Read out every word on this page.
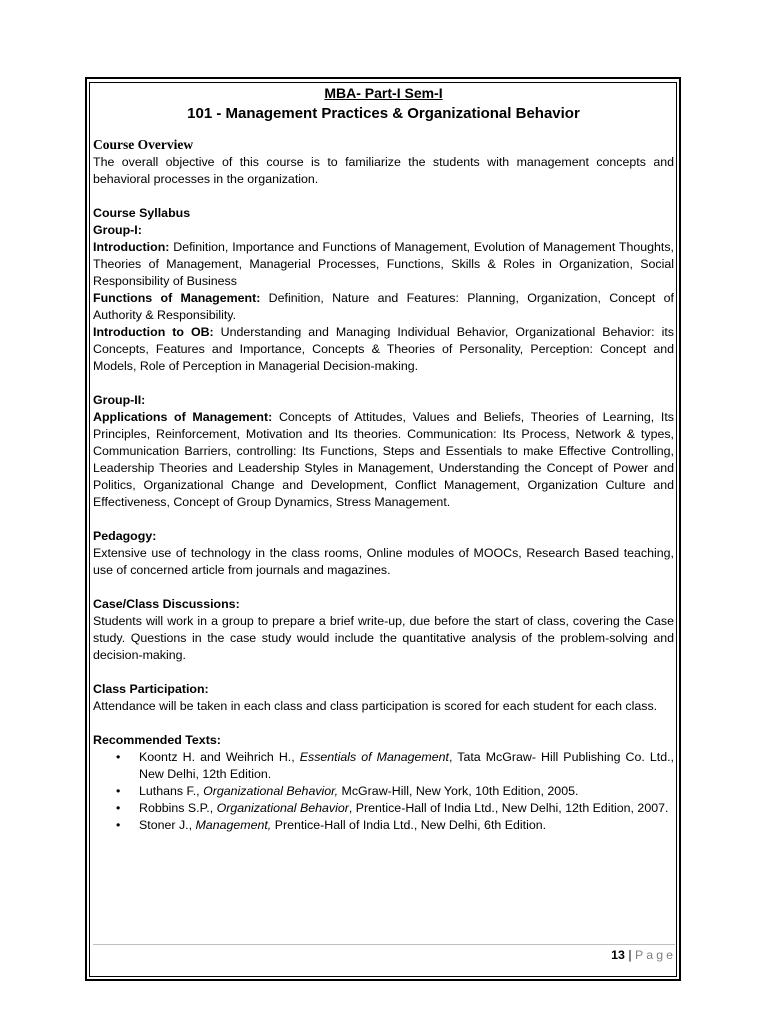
MBA- Part-I Sem-I
101 - Management Practices & Organizational Behavior
Course Overview

The overall objective of this course is to familiarize the students with management concepts and behavioral processes in the organization.

Course Syllabus
Group-I:

Introduction: Definition, Importance and Functions of Management, Evolution of Management Thoughts, Theories of Management, Managerial Processes, Functions, Skills & Roles in Organization, Social Responsibility of Business

Functions of Management: Definition, Nature and Features: Planning, Organization, Concept of Authority & Responsibility.

Introduction to OB: Understanding and Managing Individual Behavior, Organizational Behavior: its Concepts, Features and Importance, Concepts & Theories of Personality, Perception: Concept and Models, Role of Perception in Managerial Decision-making.

Group-II:

Applications of Management: Concepts of Attitudes, Values and Beliefs, Theories of Learning, Its Principles, Reinforcement, Motivation and Its theories. Communication: Its Process, Network & types, Communication Barriers, controlling: Its Functions, Steps and Essentials to make Effective Controlling, Leadership Theories and Leadership Styles in Management, Understanding the Concept of Power and Politics, Organizational Change and Development, Conflict Management, Organization Culture and Effectiveness, Concept of Group Dynamics, Stress Management.

Pedagogy:

Extensive use of technology in the class rooms, Online modules of MOOCs, Research Based teaching, use of concerned article from journals and magazines.

Case/Class Discussions:

Students will work in a group to prepare a brief write-up, due before the start of class, covering the Case study. Questions in the case study would include the quantitative analysis of the problem-solving and decision-making.

Class Participation:

Attendance will be taken in each class and class participation is scored for each student for each class.

Recommended Texts:
• Koontz H. and Weihrich H., Essentials of Management, Tata McGraw- Hill Publishing Co. Ltd., New Delhi, 12th Edition.
• Luthans F., Organizational Behavior, McGraw-Hill, New York, 10th Edition, 2005.
• Robbins S.P., Organizational Behavior, Prentice-Hall of India Ltd., New Delhi, 12th Edition, 2007.
• Stoner J., Management, Prentice-Hall of India Ltd., New Delhi, 6th Edition.
13 | Page
